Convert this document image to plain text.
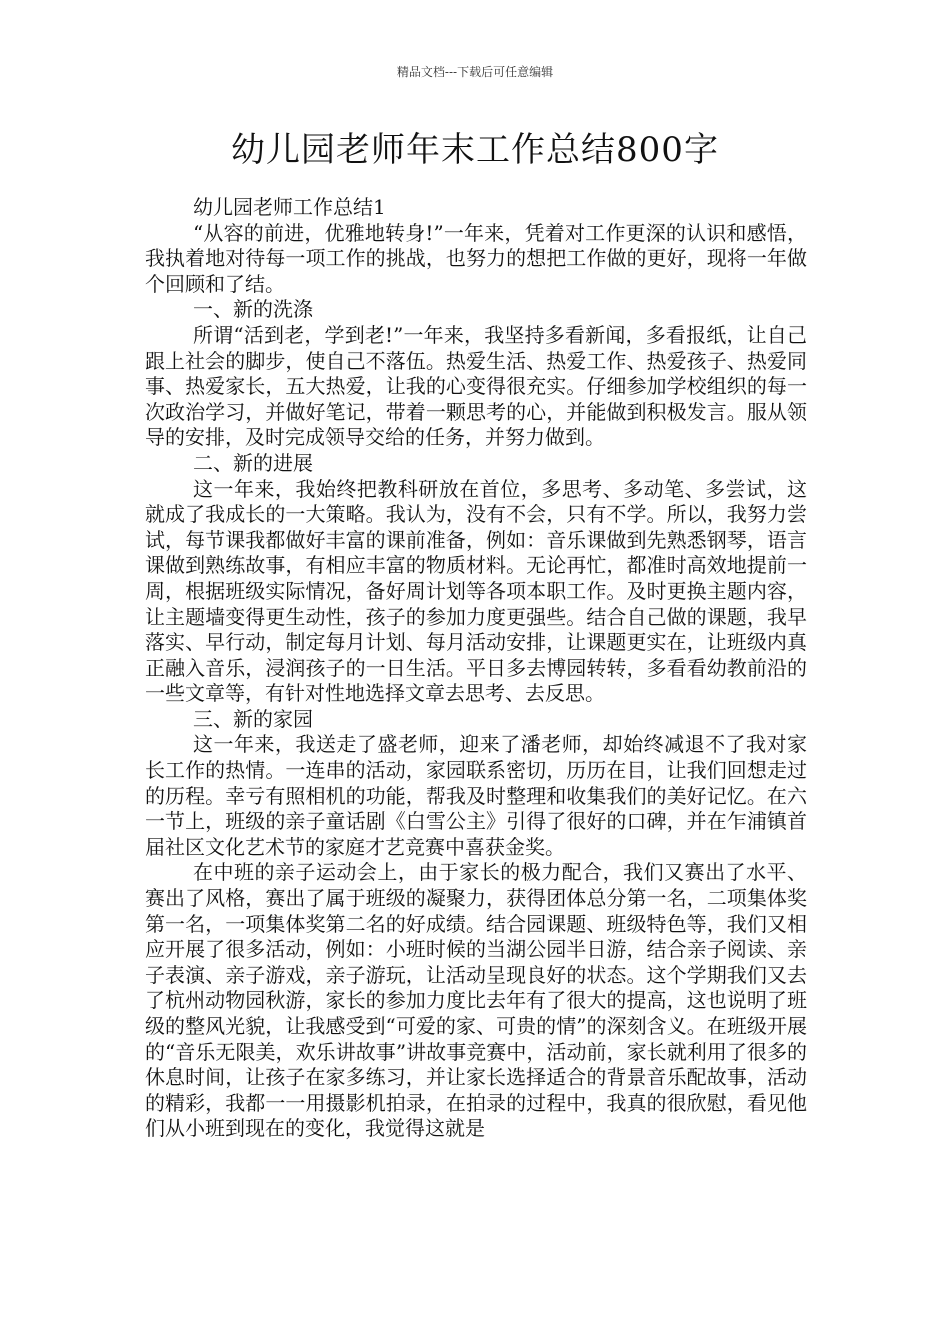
精品文档---下载后可任意编辑
幼儿园老师年末工作总结800字

幼儿园老师工作总结1

“从容的前进，优雅地转身!”一年来，凭着对工作更深的认识和感悟，我执着地对待每一项工作的挑战，也努力的想把工作做的更好，现将一年做个回顾和了结。

一、新的洗涤

所谓“活到老，学到老!”一年来，我坚持多看新闻，多看报纸，让自己跟上社会的脚步，使自己不落伍。热爱生活、热爱工作、热爱孩子、热爱同事、热爱家长，五大热爱，让我的心变得很充实。仔细参加学校组织的每一次政治学习，并做好笔记，带着一颗思考的心，并能做到积极发言。服从领导的安排，及时完成领导交给的任务，并努力做到。

二、新的进展

这一年来，我始终把教科研放在首位，多思考、多动笔、多尝试，这就成了我成长的一大策略。我认为，没有不会，只有不学。所以，我努力尝试，每节课我都做好丰富的课前准备，例如：音乐课做到先熟悉钢琴，语言课做到熟练故事，有相应丰富的物质材料。无论再忙，都准时高效地提前一周，根据班级实际情况，备好周计划等各项本职工作。及时更换主题内容，让主题墙变得更生动性，孩子的参加力度更强些。结合自己做的课题，我早落实、早行动，制定每月计划、每月活动安排，让课题更实在，让班级内真正融入音乐，浸润孩子的一日生活。平日多去博园转转，多看看幼教前沿的一些文章等，有针对性地选择文章去思考、去反思。

三、新的家园

这一年来，我送走了盛老师，迎来了潘老师，却始终减退不了我对家长工作的热情。一连串的活动，家园联系密切，历历在目，让我们回想走过的历程。幸亏有照相机的功能，帮我及时整理和收集我们的美好记忆。在六一节上，班级的亲子童话剧《白雪公主》引得了很好的口碑，并在乍浦镇首届社区文化艺术节的家庭才艺竞赛中喜获金奖。

在中班的亲子运动会上，由于家长的极力配合，我们又赛出了水平、赛出了风格，赛出了属于班级的凝聚力，获得团体总分第一名，二项集体奖第一名，一项集体奖第二名的好成绩。结合园课题、班级特色等，我们又相应开展了很多活动，例如：小班时候的当湖公园半日游，结合亲子阅读、亲子表演、亲子游戏，亲子游玩，让活动呈现良好的状态。这个学期我们又去了杭州动物园秋游，家长的参加力度比去年有了很大的提高，这也说明了班级的整风光貌，让我感受到“可爱的家、可贵的情”的深刻含义。在班级开展的“音乐无限美，欢乐讲故事”讲故事竞赛中，活动前，家长就利用了很多的休息时间，让孩子在家多练习，并让家长选择适合的背景音乐配故事，活动的精彩，我都一一用摄影机拍录，在拍录的过程中，我真的很欣慰，看见他们从小班到现在的变化，我觉得这就是
